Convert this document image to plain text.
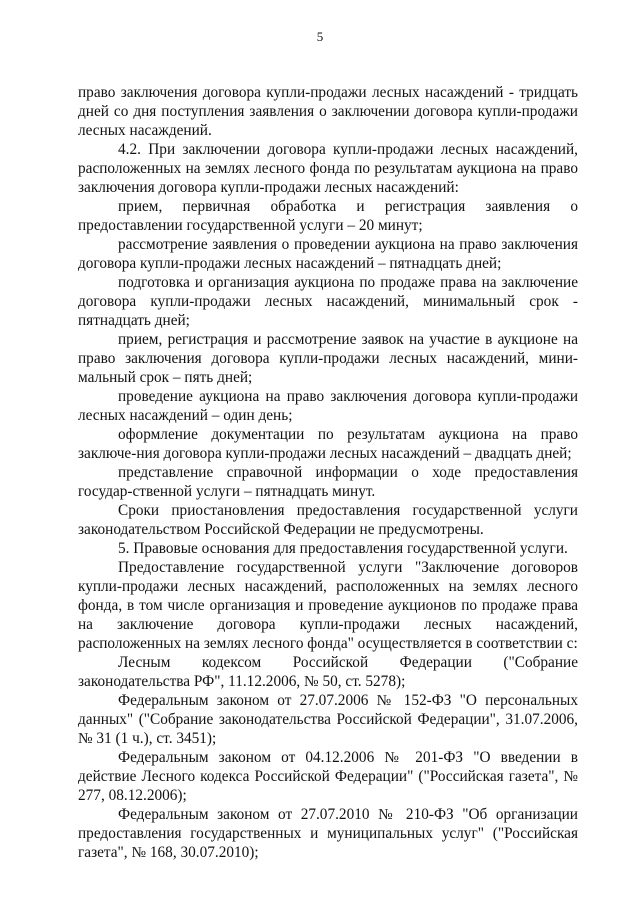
5

право заключения договора купли-продажи лесных насаждений - тридцать дней со дня поступления заявления о заключении договора купли-продажи лесных насаждений.

4.2. При заключении договора купли-продажи лесных насаждений, расположенных на землях лесного фонда по результатам аукциона на право заключения договора купли-продажи лесных насаждений:

прием, первичная обработка и регистрация заявления о предоставлении государственной услуги – 20 минут;

рассмотрение заявления о проведении аукциона на право заключения договора купли-продажи лесных насаждений – пятнадцать дней;

подготовка и организация аукциона по продаже права на заключение договора купли-продажи лесных насаждений, минимальный срок - пятнадцать дней;

прием, регистрация и рассмотрение заявок на участие в аукционе на право заключения договора купли-продажи лесных насаждений, мини-мальный срок – пять дней;

проведение аукциона на право заключения договора купли-продажи лесных насаждений – один день;

оформление документации по результатам аукциона на право заключе-ния договора купли-продажи лесных насаждений – двадцать дней;

представление справочной информации о ходе предоставления государ-ственной услуги – пятнадцать минут.

Сроки приостановления предоставления государственной услуги законодательством Российской Федерации не предусмотрены.

5. Правовые основания для предоставления государственной услуги.

Предоставление государственной услуги "Заключение договоров купли-продажи лесных насаждений, расположенных на землях лесного фонда, в том числе организация и проведение аукционов по продаже права на заключение договора купли-продажи лесных насаждений, расположенных на землях лесного фонда" осуществляется в соответствии с:

Лесным кодексом Российской Федерации ("Собрание законодательства РФ", 11.12.2006, № 50, ст. 5278);

Федеральным законом от 27.07.2006 № 152-ФЗ "О персональных данных" ("Собрание законодательства Российской Федерации", 31.07.2006, № 31 (1 ч.), ст. 3451);

Федеральным законом от 04.12.2006 № 201-ФЗ "О введении в действие Лесного кодекса Российской Федерации" ("Российская газета", № 277, 08.12.2006);

Федеральным законом от 27.07.2010 № 210-ФЗ "Об организации предоставления государственных и муниципальных услуг" ("Российская газета", № 168, 30.07.2010);
